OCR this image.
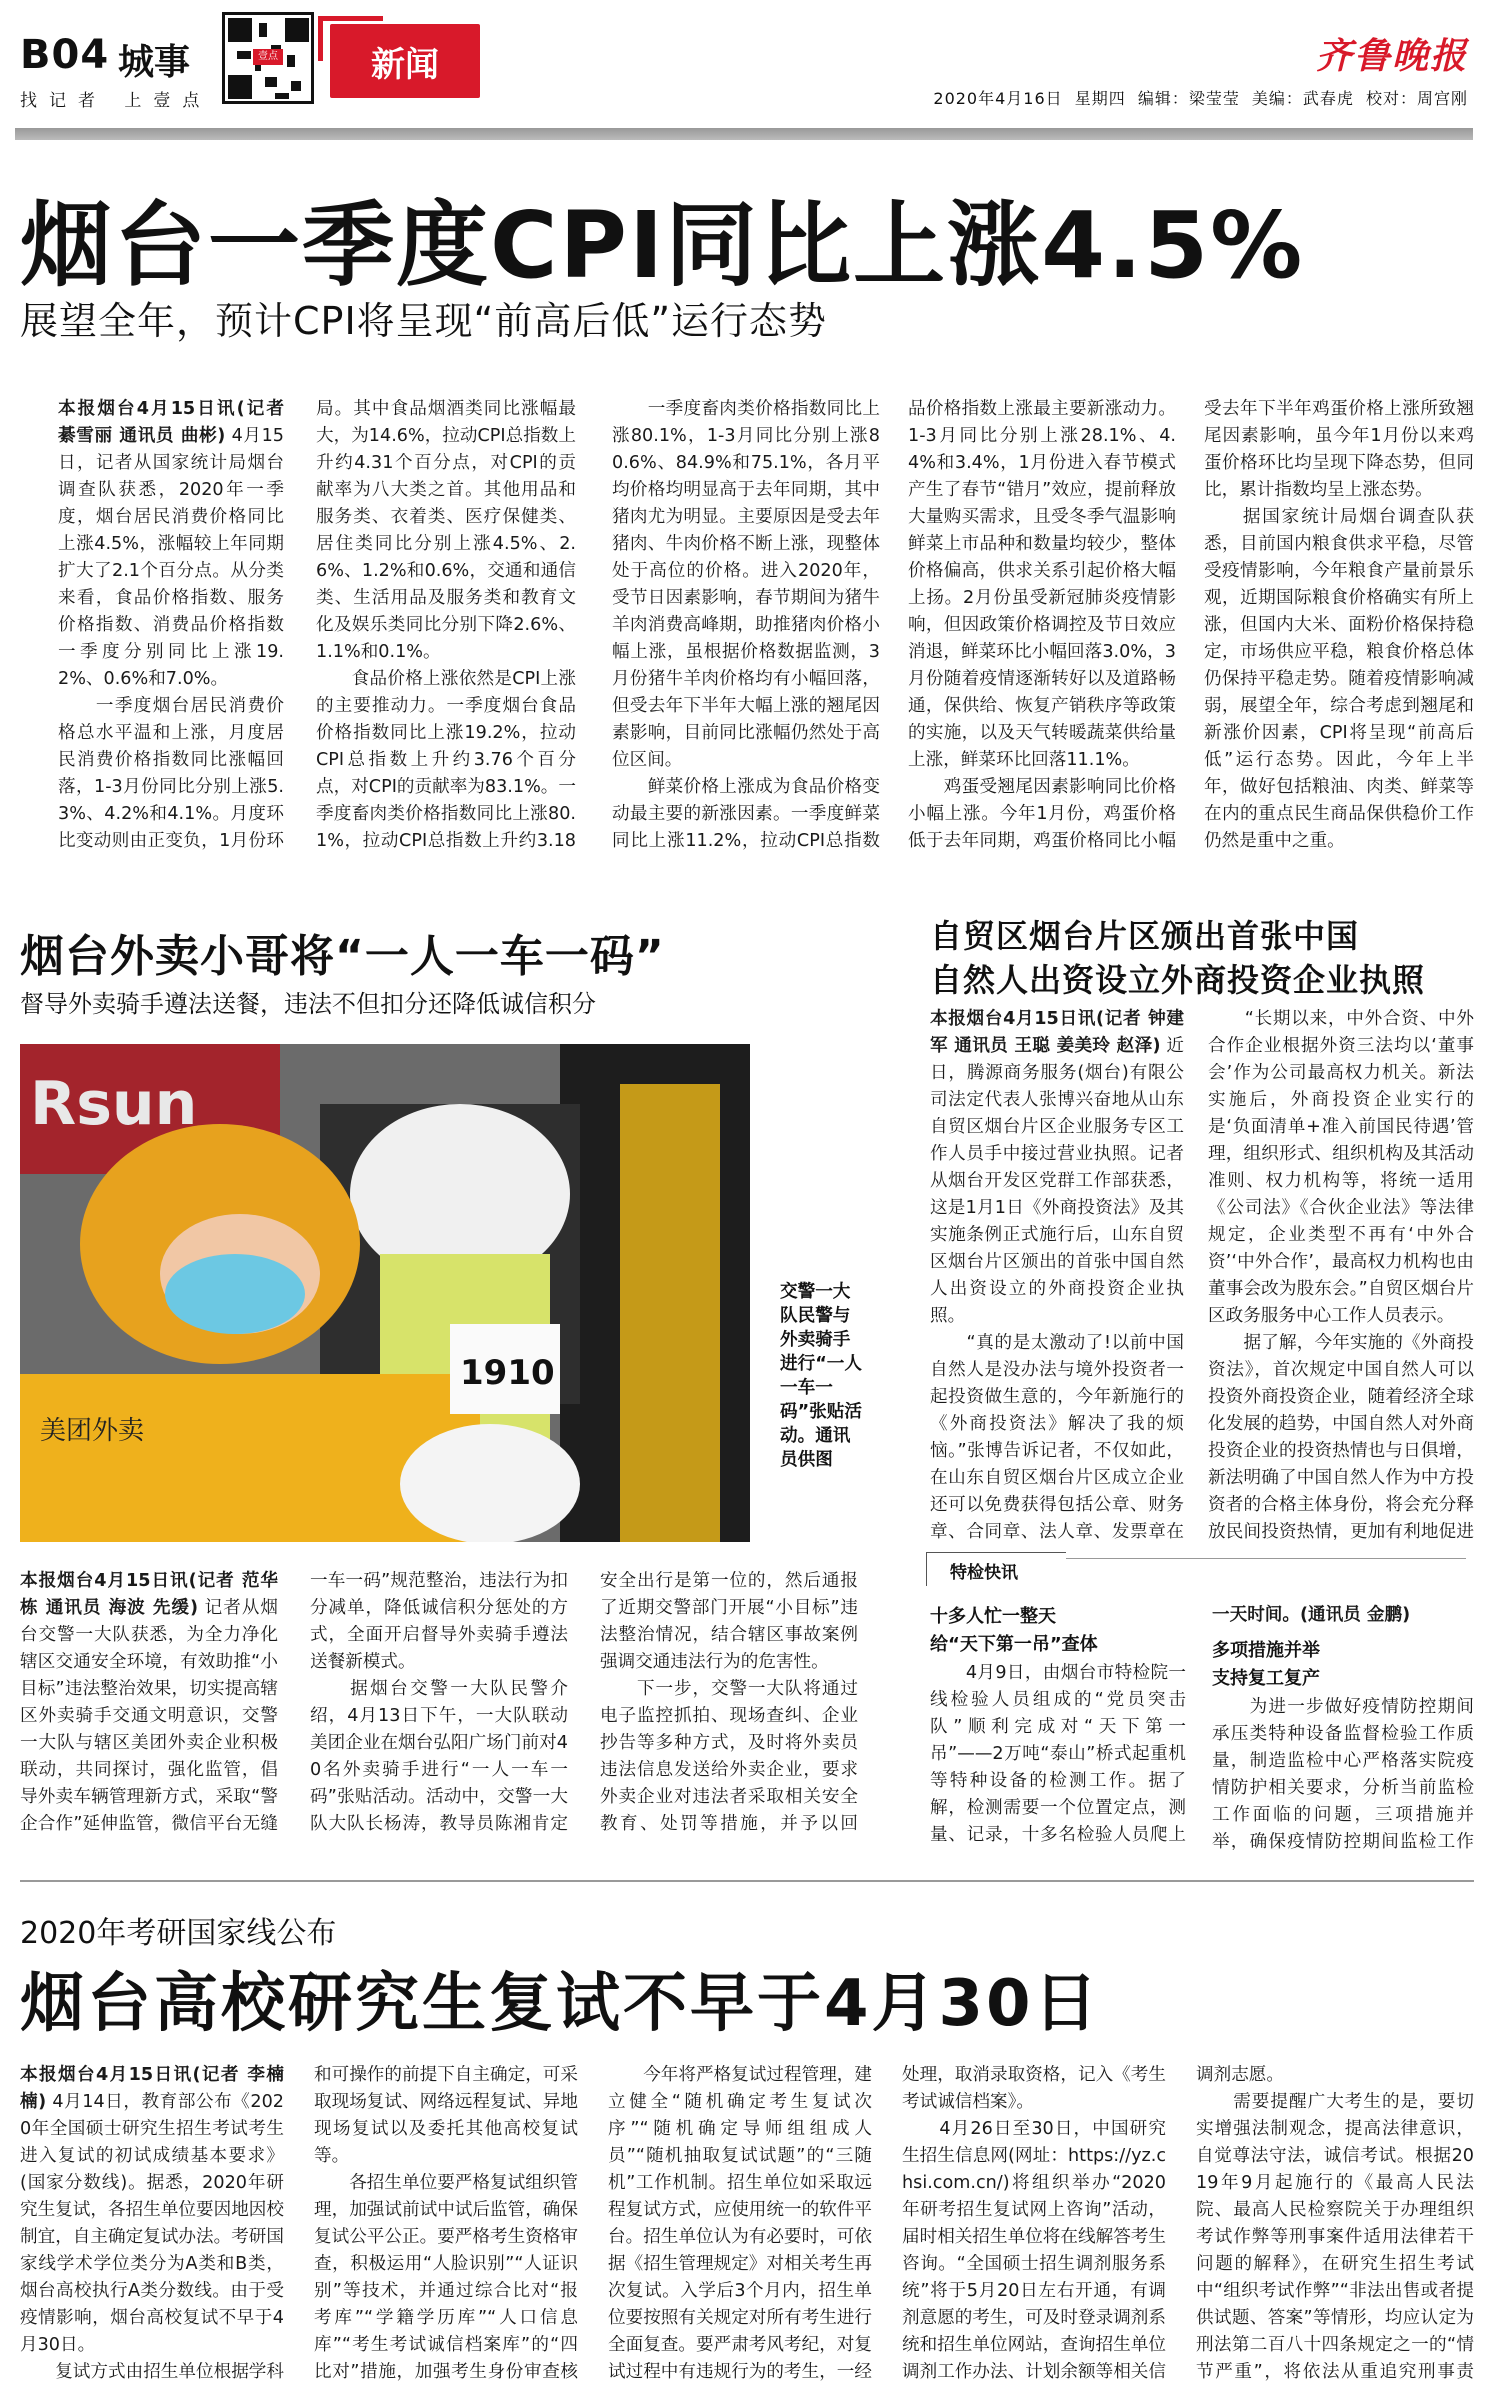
B04 城事
找记者 上壹点
壹点	新闻	齐鲁晚报
2020年4月16日 星期四 编辑：梁莹莹 美编：武春虎 校对：周宫刚
烟台一季度CPI同比上涨4.5%
展望全年，预计CPI将呈现“前高后低”运行态势
本报烟台4月15日讯(记者 綦雪丽 通讯员 曲彬) 4月15日，记者从国家统计局烟台调查队获悉，2020年一季度，烟台居民消费价格同比上涨4.5%，涨幅较上年同期扩大了2.1个百分点。从分类来看，食品价格指数、服务价格指数、消费品价格指数一季度分别同比上涨19.2%、0.6%和7.0%。
　　一季度烟台居民消费价格总水平温和上涨，月度居民消费价格指数同比涨幅回落，1-3月份同比分别上涨5.3%、4.2%和4.1%。月度环比变动则由正变负，1月份环

局。其中食品烟酒类同比涨幅最大，为14.6%，拉动CPI总指数上升约4.31个百分点，对CPI的贡献率为八大类之首。其他用品和服务类、衣着类、医疗保健类、居住类同比分别上涨4.5%、2.6%、1.2%和0.6%，交通和通信类、生活用品及服务类和教育文化及娱乐类同比分别下降2.6%、1.1%和0.1%。
　　食品价格上涨依然是CPI上涨的主要推动力。一季度烟台食品价格指数同比上涨19.2%，拉动CPI总指数上升约3.76个百分点，对CPI的贡献率为83.1%。一季度畜肉类价格指数同比上涨80.1%，拉动CPI总指数上升约3.18
　　一季度畜肉类价格指数同比上涨80.1%，1-3月同比分别上涨80.6%、84.9%和75.1%，各月平均价格均明显高于去年同期，其中猪肉尤为明显。主要原因是受去年猪肉、牛肉价格不断上涨，现整体处于高位的价格。进入2020年，受节日因素影响，春节期间为猪牛羊肉消费高峰期，助推猪肉价格小幅上涨，虽根据价格数据监测，3月份猪牛羊肉价格均有小幅回落，但受去年下半年大幅上涨的翘尾因素影响，目前同比涨幅仍然处于高位区间。
　　鲜菜价格上涨成为食品价格变动最主要的新涨因素。一季度鲜菜同比上涨11.2%，拉动CPI总指数
品价格指数上涨最主要新涨动力。1-3月同比分别上涨28.1%、4.4%和3.4%，1月份进入春节模式产生了春节“错月”效应，提前释放大量购买需求，且受冬季气温影响鲜菜上市品种和数量均较少，整体价格偏高，供求关系引起价格大幅上扬。2月份虽受新冠肺炎疫情影响，但因政策价格调控及节日效应消退，鲜菜环比小幅回落3.0%，3月份随着疫情逐渐转好以及道路畅通，保供给、恢复产销秩序等政策的实施，以及天气转暖蔬菜供给量上涨，鲜菜环比回落11.1%。
　　鸡蛋受翘尾因素影响同比价格小幅上涨。今年1月份，鸡蛋价格低于去年同期，鸡蛋价格同比小幅
受去年下半年鸡蛋价格上涨所致翘尾因素影响，虽今年1月份以来鸡蛋价格环比均呈现下降态势，但同比，累计指数均呈上涨态势。
　　据国家统计局烟台调查队获悉，目前国内粮食供求平稳，尽管受疫情影响，今年粮食产量前景乐观，近期国际粮食价格确实有所上涨，但国内大米、面粉价格保持稳定，市场供应平稳，粮食价格总体仍保持平稳走势。随着疫情影响减弱，展望全年，综合考虑到翘尾和新涨价因素，CPI将呈现“前高后低”运行态势。因此，今年上半年，做好包括粮油、肉类、鲜菜等在内的重点民生商品保供稳价工作仍然是重中之重。
烟台外卖小哥将“一人一车一码”
督导外卖骑手遵法送餐，违法不但扣分还降低诚信积分
Rsun
美团外卖
1910
交警一大队民警与外卖骑手进行“一人一车一码”张贴活动。通讯员供图
本报烟台4月15日讯(记者 范华栋 通讯员 海波 先缓) 记者从烟台交警一大队获悉，为全力净化辖区交通安全环境，有效助推“小目标”违法整治效果，切实提高辖区外卖骑手交通文明意识，交警一大队与辖区美团外卖企业积极联动，共同探讨，强化监管，倡导外卖车辆管理新方式，采取“警企合作”延伸监管，微信平台无缝
一车一码”规范整治，违法行为扣分减单，降低诚信积分惩处的方式，全面开启督导外卖骑手遵法送餐新模式。
　　据烟台交警一大队民警介绍，4月13日下午，一大队联动美团企业在烟台弘阳广场门前对40名外卖骑手进行“一人一车一码”张贴活动。活动中，交警一大队大队长杨涛，教导员陈湘肯定
安全出行是第一位的，然后通报了近期交警部门开展“小目标”违法整治情况，结合辖区事故案例强调交通违法行为的危害性。
　　下一步，交警一大队将通过电子监控抓拍、现场查纠、企业抄告等多种方式，及时将外卖员违法信息发送给外卖企业，要求外卖企业对违法者采取相关安全教育、处罚等措施，并予以回
自贸区烟台片区颁出首张中国
自然人出资设立外商投资企业执照
本报烟台4月15日讯(记者 钟建军 通讯员 王聪 姜美玲 赵泽) 近日，腾源商务服务(烟台)有限公司法定代表人张博兴奋地从山东自贸区烟台片区企业服务专区工作人员手中接过营业执照。记者从烟台开发区党群工作部获悉，这是1月1日《外商投资法》及其实施条例正式施行后，山东自贸区烟台片区颁出的首张中国自然人出资设立的外商投资企业执照。
　　“真的是太激动了!以前中国自然人是没办法与境外投资者一起投资做生意的，今年新施行的《外商投资法》解决了我的烦恼。”张博告诉记者，不仅如此，在山东自贸区烟台片区成立企业还可以免费获得包括公章、财务章、合同章、法人章、发票章在
　　“长期以来，中外合资、中外合作企业根据外资三法均以‘董事会’作为公司最高权力机关。新法实施后，外商投资企业实行的是‘负面清单+准入前国民待遇’管理，组织形式、组织机构及其活动准则、权力机构等，将统一适用《公司法》《合伙企业法》等法律规定，企业类型不再有‘中外合资’‘中外合作’，最高权力机构也由董事会改为股东会。”自贸区烟台片区政务服务中心工作人员表示。
　　据了解，今年实施的《外商投资法》，首次规定中国自然人可以投资外商投资企业，随着经济全球化发展的趋势，中国自然人对外商投资企业的投资热情也与日俱增，新法明确了中国自然人作为中方投资者的合格主体身份，将会充分释放民间投资热情，更加有利地促进
特检快讯
十多人忙一整天
给“天下第一吊”查体
　　4月9日，由烟台市特检院一线检验人员组成的“党员突击队”顺利完成对“天下第一吊”——2万吨“泰山”桥式起重机等特种设备的检测工作。据了解，检测需要一个位置定点，测量、记录，十多名检验人员爬上
一天时间。(通讯员 金鹏)
多项措施并举
支持复工复产
　　为进一步做好疫情防控期间承压类特种设备监督检验工作质量，制造监检中心严格落实院疫情防护相关要求，分析当前监检工作面临的问题，三项措施并举，确保疫情防控期间监检工作
2020年考研国家线公布
烟台高校研究生复试不早于4月30日
本报烟台4月15日讯(记者 李楠楠) 4月14日，教育部公布《2020年全国硕士研究生招生考试考生进入复试的初试成绩基本要求》(国家分数线)。据悉，2020年研究生复试，各招生单位要因地因校制宜，自主确定复试办法。考研国家线学术学位类分为A类和B类，烟台高校执行A类分数线。由于受疫情影响，烟台高校复试不早于4月30日。
　　复试方式由招生单位根据学科
和可操作的前提下自主确定，可采取现场复试、网络远程复试、异地现场复试以及委托其他高校复试等。
　　各招生单位要严格复试组织管理，加强试前试中试后监管，确保复试公平公正。要严格考生资格审查，积极运用“人脸识别”“人证识别”等技术，并通过综合比对“报考库”“学籍学历库”“人口信息库”“考生考试诚信档案库”的“四比对”措施，加强考生身份审查核
　　今年将严格复试过程管理，建立健全“随机确定考生复试次序”“随机确定导师组组成人员”“随机抽取复试试题”的“三随机”工作机制。招生单位如采取远程复试方式，应使用统一的软件平台。招生单位认为有必要时，可依据《招生管理规定》对相关考生再次复试。入学后3个月内，招生单位要按照有关规定对所有考生进行全面复查。要严肃考风考纪，对复试过程中有违规行为的考生，一经
处理，取消录取资格，记入《考生考试诚信档案》。
　　4月26日至30日，中国研究生招生信息网(网址：https://yz.chsi.com.cn/)将组织举办“2020年研考招生复试网上咨询”活动，届时相关招生单位将在线解答考生咨询。“全国硕士招生调剂服务系统”将于5月20日左右开通，有调剂意愿的考生，可及时登录调剂系统和招生单位网站，查询招生单位调剂工作办法、计划余额等相关信
调剂志愿。
　　需要提醒广大考生的是，要切实增强法制观念，提高法律意识，自觉尊法守法，诚信考试。根据2019年9月起施行的《最高人民法院、最高人民检察院关于办理组织考试作弊等刑事案件适用法律若干问题的解释》，在研究生招生考试中“组织考试作弊”“非法出售或者提供试题、答案”等情形，均应认定为刑法第二百八十四条规定之一的“情节严重”，将依法从重追究刑事责
